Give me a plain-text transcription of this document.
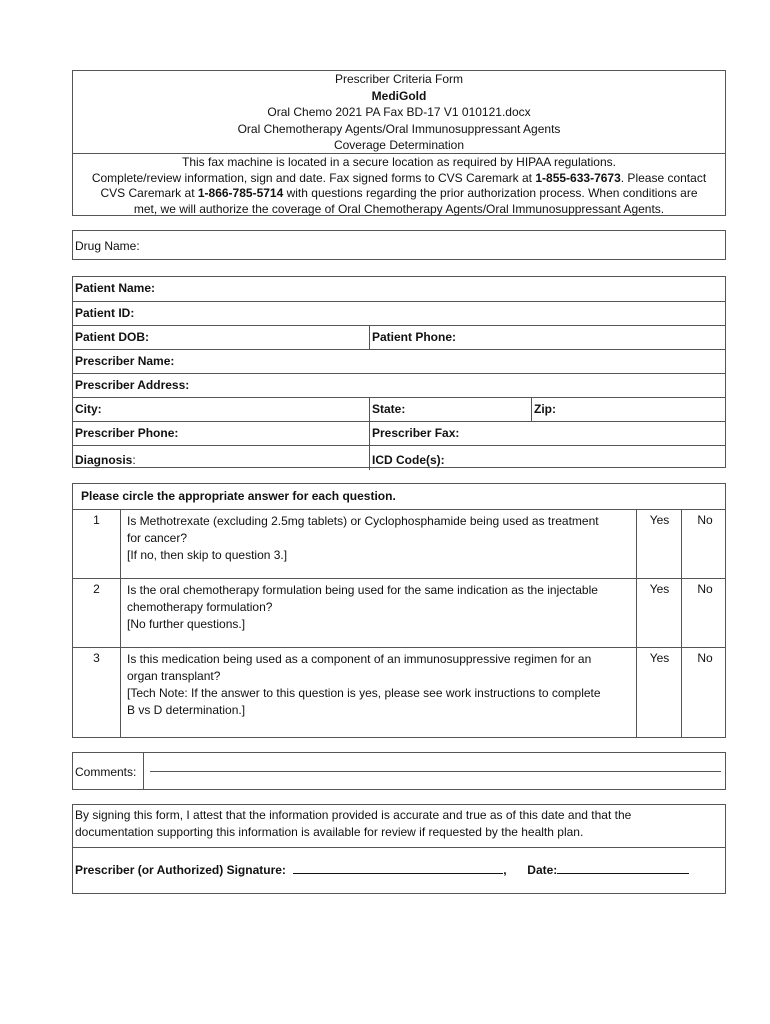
Prescriber Criteria Form
MediGold
Oral Chemo 2021 PA Fax BD-17 V1 010121.docx
Oral Chemotherapy Agents/Oral Immunosuppressant Agents
Coverage Determination
This fax machine is located in a secure location as required by HIPAA regulations.
Complete/review information, sign and date. Fax signed forms to CVS Caremark at 1-855-633-7673. Please contact
CVS Caremark at 1-866-785-5714 with questions regarding the prior authorization process. When conditions are
met, we will authorize the coverage of Oral Chemotherapy Agents/Oral Immunosuppressant Agents.
Drug Name:
Patient Name:
Patient ID:
Patient DOB:	Patient Phone:
Prescriber Name:
Prescriber Address:
City:	State:	Zip:
Prescriber Phone:	Prescriber Fax:
Diagnosis:	ICD Code(s):
Please circle the appropriate answer for each question.
1	Is Methotrexate (excluding 2.5mg tablets) or Cyclophosphamide being used as treatment
for cancer?
[If no, then skip to question 3.]
Yes	No
2	Is the oral chemotherapy formulation being used for the same indication as the injectable
chemotherapy formulation?
[No further questions.]
Yes	No
3	Is this medication being used as a component of an immunosuppressive regimen for an
organ transplant?
[Tech Note: If the answer to this question is yes, please see work instructions to complete
B vs D determination.]
Yes	No
Comments:
By signing this form, I attest that the information provided is accurate and true as of this date and that the
documentation supporting this information is available for review if requested by the health plan.
Prescriber (or Authorized) Signature:	, Date:
